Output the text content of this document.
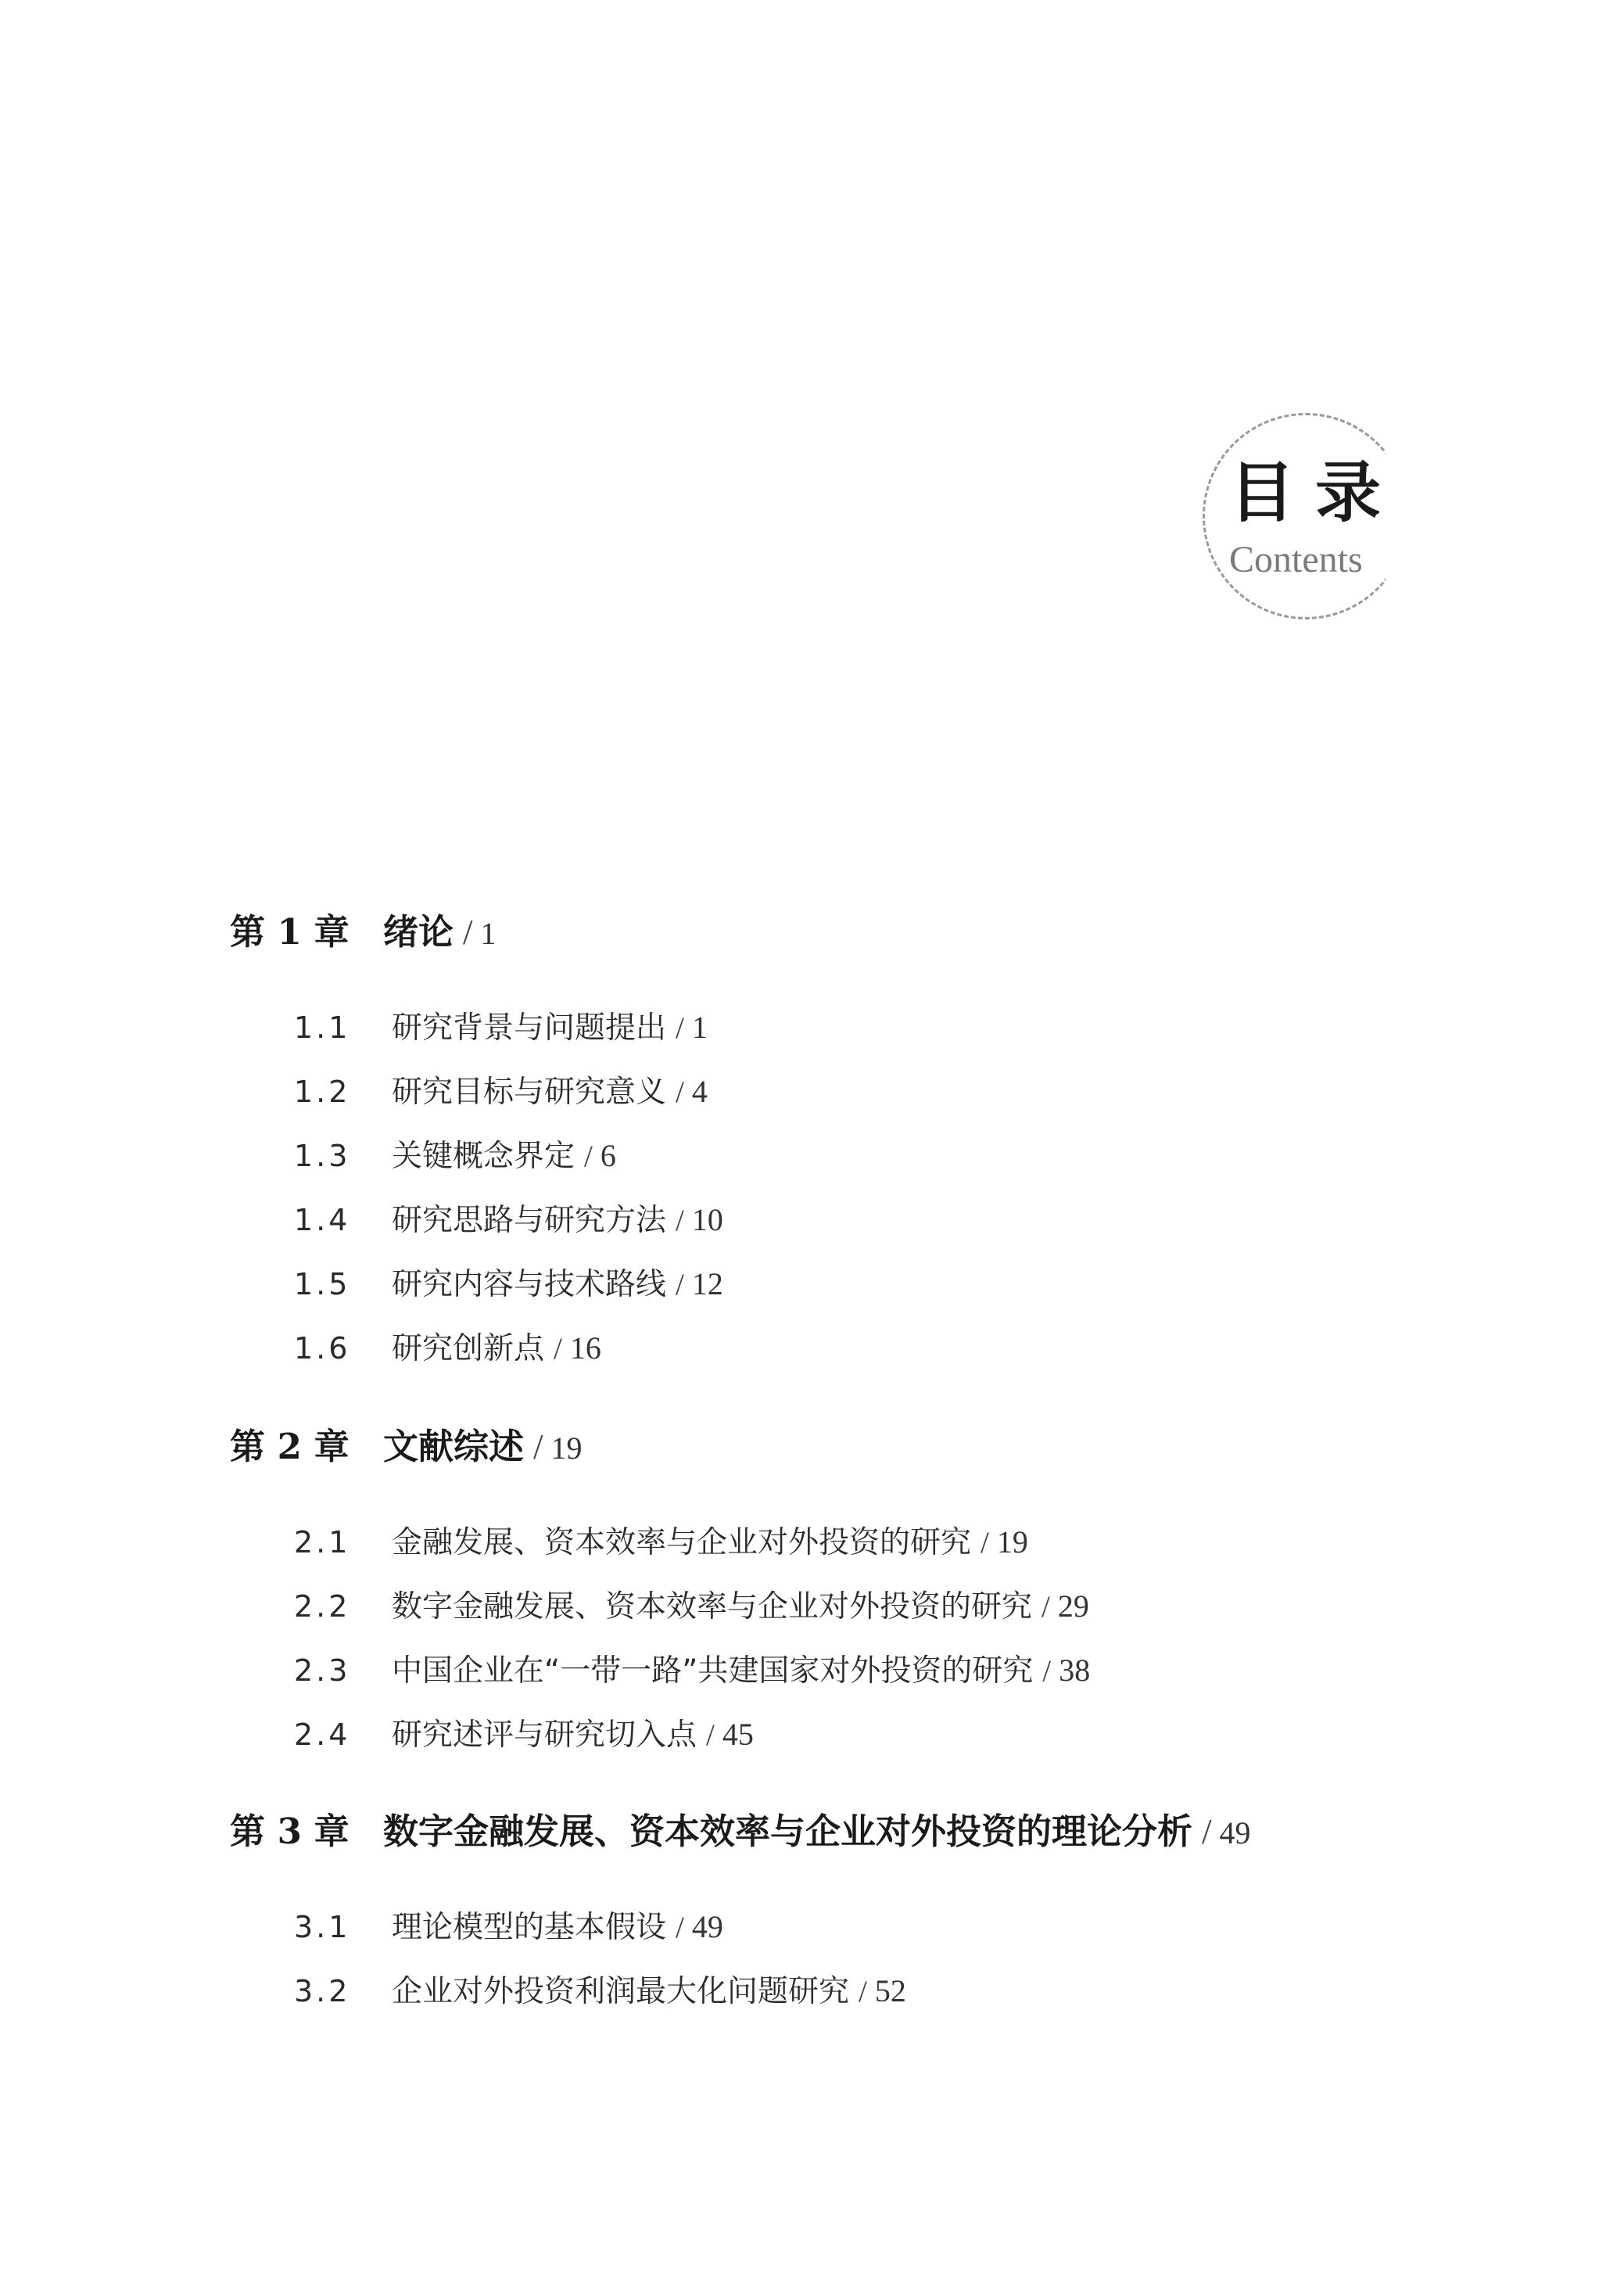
目录
Contents
第 1 章 绪论 / 1
1.1 研究背景与问题提出 / 1
1.2 研究目标与研究意义 / 4
1.3 关键概念界定 / 6
1.4 研究思路与研究方法 / 10
1.5 研究内容与技术路线 / 12
1.6 研究创新点 / 16
第 2 章 文献综述 / 19
2.1 金融发展、资本效率与企业对外投资的研究 / 19
2.2 数字金融发展、资本效率与企业对外投资的研究 / 29
2.3 中国企业在“一带一路”共建国家对外投资的研究 / 38
2.4 研究述评与研究切入点 / 45
第 3 章 数字金融发展、资本效率与企业对外投资的理论分析 / 49
3.1 理论模型的基本假设 / 49
3.2 企业对外投资利润最大化问题研究 / 52
